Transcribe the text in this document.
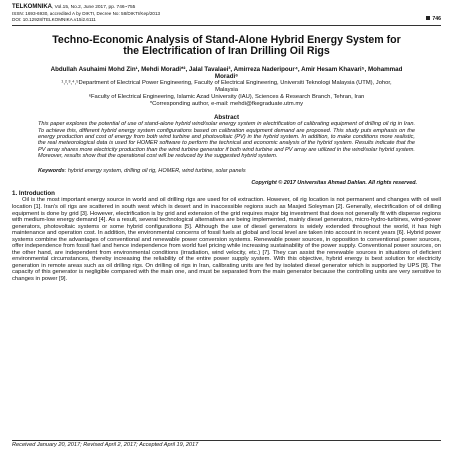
TELKOMNIKA, Vol.15, No.2, June 2017, pp. 746~755
ISSN: 1693-6930, accredited A by DIKTI, Decree No: 58/DIKTI/Kep/2013
DOI: 10.12928/TELKOMNIKA.v15i2.6111	746
Techno-Economic Analysis of Stand-Alone Hybrid Energy System for the Electrification of Iran Drilling Oil Rigs
Abdullah Asuhaimi Mohd Zin¹, Mehdi Moradi*², Jalal Tavalaei³, Amirreza Naderipour⁴, Amir Hesam Khavari⁵, Mohammad Moradi⁶
¹,²,³,⁴,⁵Department of Electrical Power Engineering, Faculty of Electrical Engineering, Universiti Teknologi Malaysia (UTM), Johor, Malaysia
⁶Faculty of Electrical Engineering, Islamic Azad University (IAU), Sciences & Research Branch, Tehran, Iran
*Corresponding author, e-mail: mehdi@fkegraduate.utm.my
Abstract
This paper explores the potential of use of stand-alone hybrid wind/solar energy system in electrification of calibrating equipment of drilling oil rig in Iran. To achieve this, different hybrid energy system configurations based on calibration equipment demand are proposed. This study puts emphasis on the energy production and cost of energy from both wind turbine and photovoltaic (PV) in the hybrid system. In addition, to make conditions more realistic, the real meteorological data is used for HOMER software to perform the technical and economic analysis of the hybrid system. Results indicate that the PV array shares more electricity production than the wind turbine generator if both wind turbine and PV array are utilized in the wind/solar hybrid system. Moreover, results show that the operational cost will be reduced by the suggested hybrid system.
Keywords: hybrid energy system, drilling oil rig, HOMER, wind turbine, solar panels
Copyright © 2017 Universitas Ahmad Dahlan. All rights reserved.
1. Introduction
Oil is the most important energy source in world and oil drilling rigs are used for oil extraction. However, oil rig location is not permanent and changes with oil well location [1]. Iran's oil rigs are scattered in south west which is desert and in inaccessible regions such as Masjed Soleyman [2]. Generally, electrification of oil drilling equipment is done by grid [3]. However, electrification is by grid and extension of the grid requires major big investment that does not generally fit with disperse regions with medium-low energy demand [4]. As a result, several technological alternatives are being implemented, mainly diesel generators, micro-hydro-turbines, wind-power generators, photovoltaic systems or some hybrid configurations [5]. Although the use of diesel generators is widely extended throughout the world, it has high maintenance and operation cost. In addition, the environmental concerns of fossil fuels at global and local level are taken into account in recent years [6]. Hybrid power systems combine the advantages of conventional and renewable power conversion systems. Renewable power sources, in opposition to conventional power sources, offer independence from fossil fuel and hence independence from world fuel pricing while increasing sustainability of the power supply. Conventional power sources, on the other hand, are independent from environmental conditions (irradiation, wind velocity, etc.) [7]. They can assist the renewable sources in situations of deficient environmental circumstances, thereby increasing the reliability of the entire power supply system. With this objective, hybrid energy is best solution for electricity generation in remote areas such as oil drilling rigs. On drilling oil rigs in Iran, calibrating units are fed by isolated diesel generator which is supported by UPS [8]. The capacity of this generator is negligible compared with the main one, and must be separated from the main generator because the controlling units are very sensitive to changes in power [9].
Received January 20, 2017; Revised April 2, 2017; Accepted April 19, 2017
